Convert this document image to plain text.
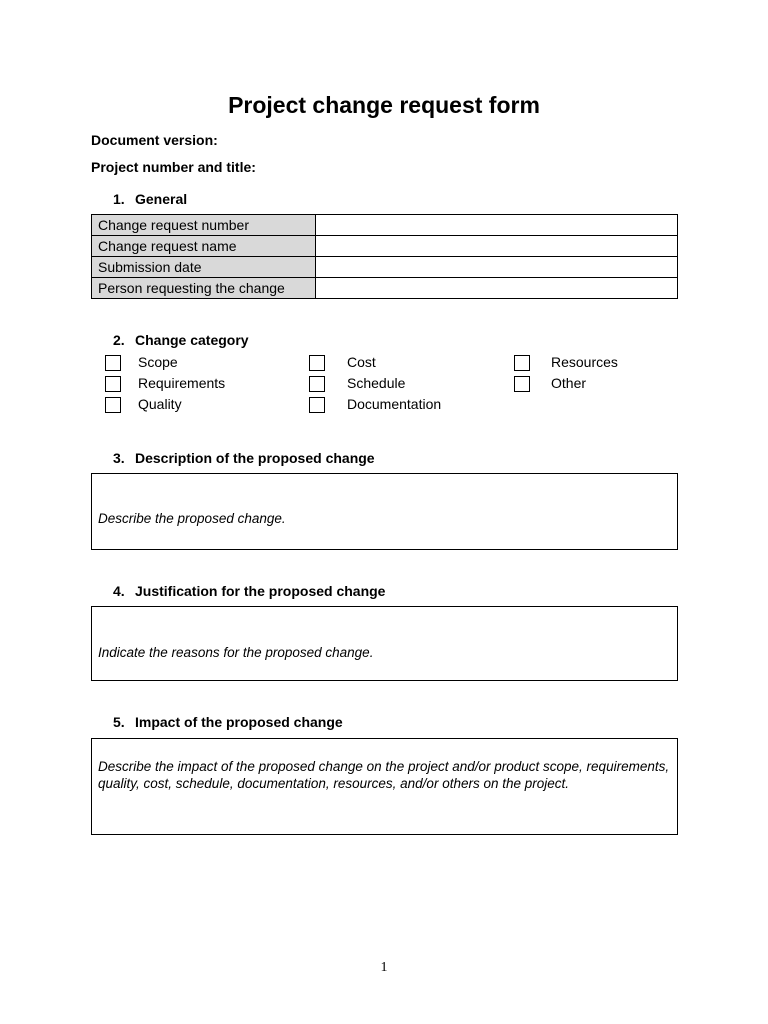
Project change request form
Document version:
Project number and title:
1. General
Change request number	
Change request name	
Submission date	
Person requesting the change	
2. Change category
Scope
Requirements
Quality
Cost
Schedule
Documentation
Resources
Other
3. Description of the proposed change
Describe the proposed change.
4. Justification for the proposed change
Indicate the reasons for the proposed change.
5. Impact of the proposed change
Describe the impact of the proposed change on the project and/or product scope, requirements, quality, cost, schedule, documentation, resources, and/or others on the project.
1
